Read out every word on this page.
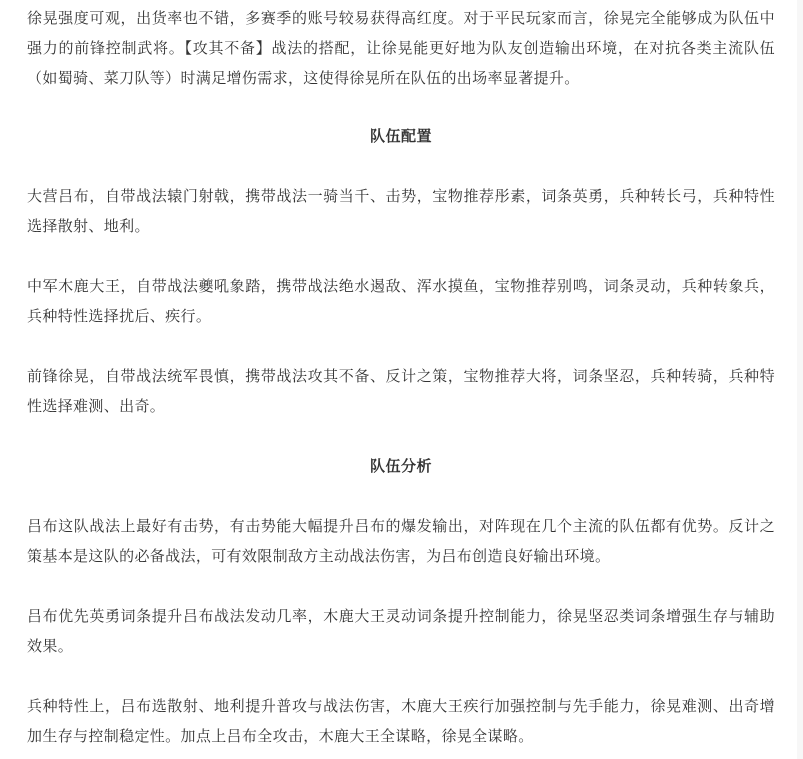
徐晃强度可观，出货率也不错，多赛季的账号较易获得高红度。对于平民玩家而言，徐晃完全能够成为队伍中强力的前锋控制武将。【攻其不备】战法的搭配，让徐晃能更好地为队友创造输出环境，在对抗各类主流队伍（如蜀骑、菜刀队等）时满足增伤需求，这使得徐晃所在队伍的出场率显著提升。

队伍配置

大营吕布，自带战法辕门射戟，携带战法一骑当千、击势，宝物推荐彤素，词条英勇，兵种转长弓，兵种特性选择散射、地利。

中军木鹿大王，自带战法夔吼象踏，携带战法绝水遏敌、浑水摸鱼，宝物推荐别鸣，词条灵动，兵种转象兵，兵种特性选择扰后、疾行。

前锋徐晃，自带战法统军畏慎，携带战法攻其不备、反计之策，宝物推荐大将，词条坚忍，兵种转骑，兵种特性选择难测、出奇。

队伍分析

吕布这队战法上最好有击势，有击势能大幅提升吕布的爆发输出，对阵现在几个主流的队伍都有优势。反计之策基本是这队的必备战法，可有效限制敌方主动战法伤害，为吕布创造良好输出环境。

吕布优先英勇词条提升吕布战法发动几率，木鹿大王灵动词条提升控制能力，徐晃坚忍类词条增强生存与辅助效果。

兵种特性上，吕布选散射、地利提升普攻与战法伤害，木鹿大王疾行加强控制与先手能力，徐晃难测、出奇增加生存与控制稳定性。加点上吕布全攻击，木鹿大王全谋略，徐晃全谋略。
